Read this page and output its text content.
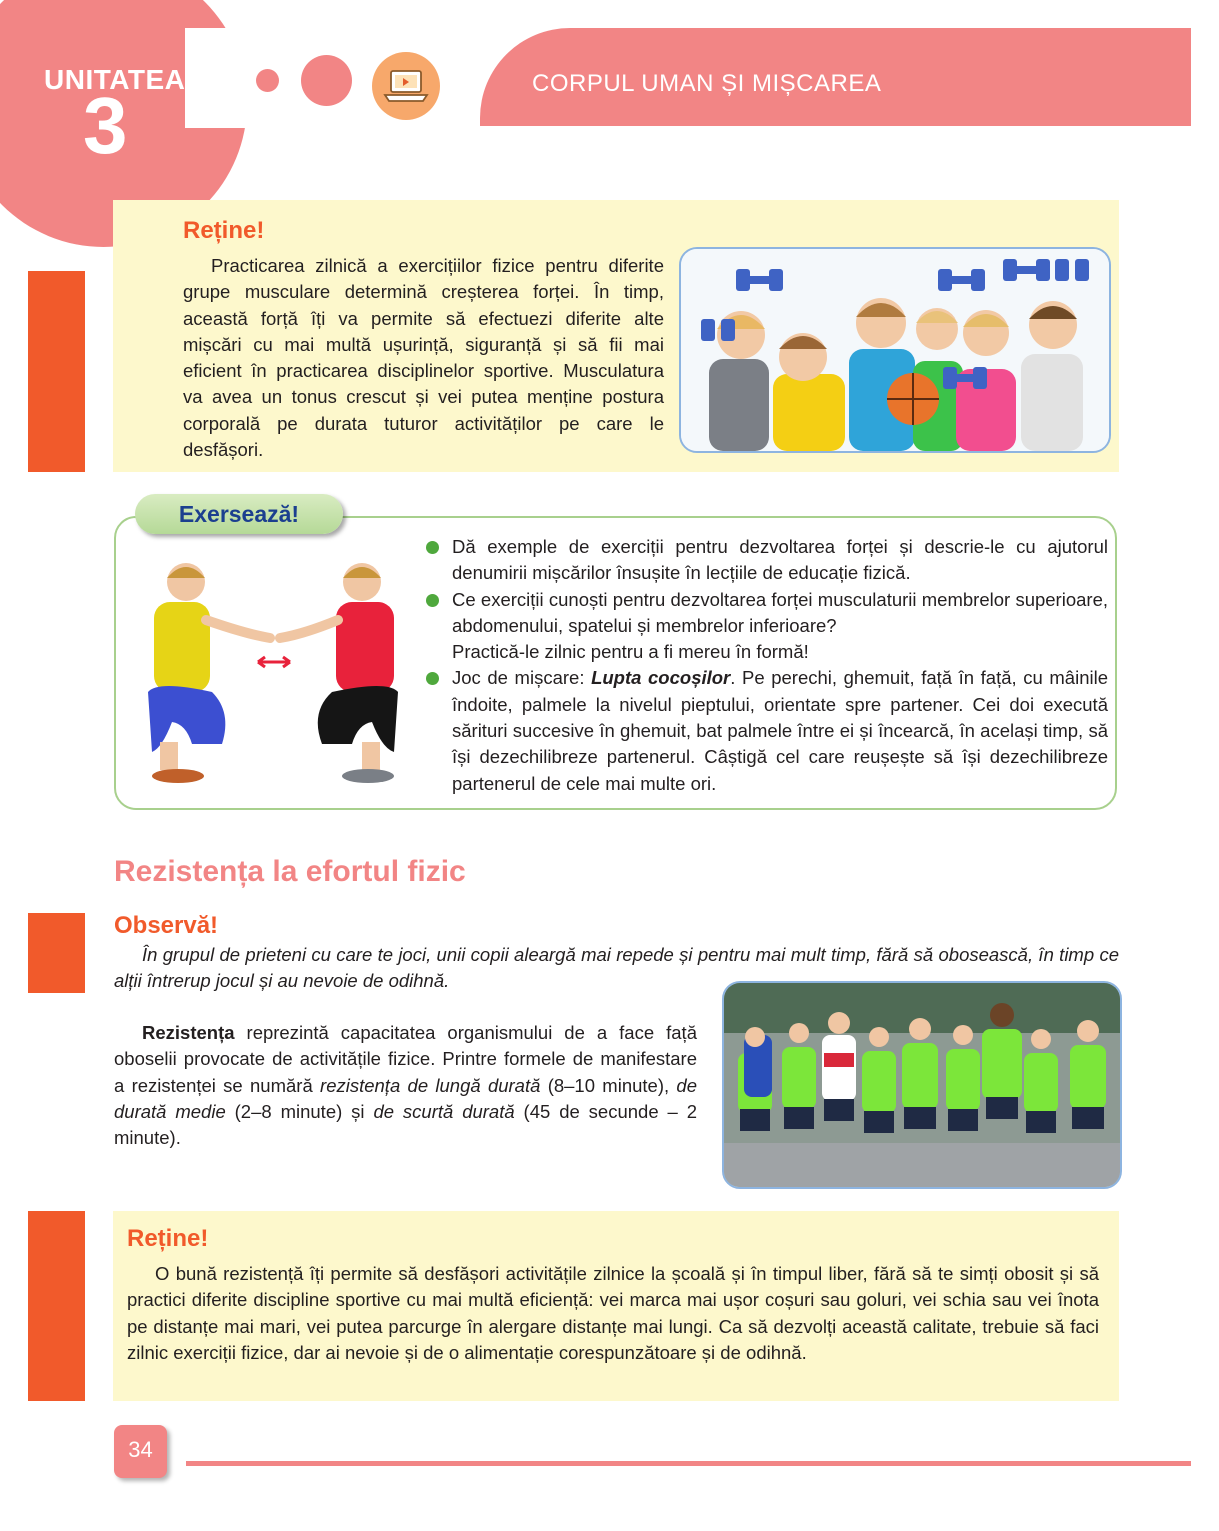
UNITATEA
3	CORPUL UMAN ȘI MIȘCAREA
Reține!

Practicarea zilnică a exercițiilor fizice pentru diferite grupe musculare determină creșterea forței. În timp, această forță îți va permite să efectuezi diferite alte mișcări cu mai multă ușurință, siguranță și să fii mai eficient în practicarea disciplinelor sportive. Musculatura va avea un tonus crescut și vei putea menține postura corporală pe durata tuturor activităților pe care le desfășori.

Exersează!

Dă exemple de exerciții pentru dezvoltarea forței și descrie-le cu ajutorul denumirii mișcărilor însușite în lecțiile de educație fizică.

Ce exerciții cunoști pentru dezvoltarea forței musculaturii membrelor superioare, abdomenului, spatelui și membrelor inferioare?

Practică-le zilnic pentru a fi mereu în formă!

Joc de mișcare: Lupta cocoșilor. Pe perechi, ghemuit, față în față, cu mâinile îndoite, palmele la nivelul pieptului, orientate spre partener. Cei doi execută sărituri succesive în ghemuit, bat palmele între ei și încearcă, în același timp, să își dezechilibreze partenerul. Câștigă cel care reușește să își dezechilibreze partenerul de cele mai multe ori.

Rezistența la efortul fizic
Observă!

În grupul de prieteni cu care te joci, unii copii aleargă mai repede și pentru mai mult timp, fără să obosească, în timp ce alții întrerup jocul și au nevoie de odihnă.

Rezistența reprezintă capacitatea organismului de a face față oboselii provocate de activitățile fizice. Printre formele de manifestare a rezistenței se numără rezistența de lungă durată (8–10 minute), de durată medie (2–8 minute) și de scurtă durată (45 de secunde – 2 minute).

Reține!

O bună rezistență îți permite să desfășori activitățile zilnice la școală și în timpul liber, fără să te simți obosit și să practici diferite discipline sportive cu mai multă eficiență: vei marca mai ușor coșuri sau goluri, vei schia sau vei înota pe distanțe mai mari, vei putea parcurge în alergare distanțe mai lungi. Ca să dezvolți această calitate, trebuie să faci zilnic exerciții fizice, dar ai nevoie și de o alimentație corespunzătoare și de odihnă.

34
